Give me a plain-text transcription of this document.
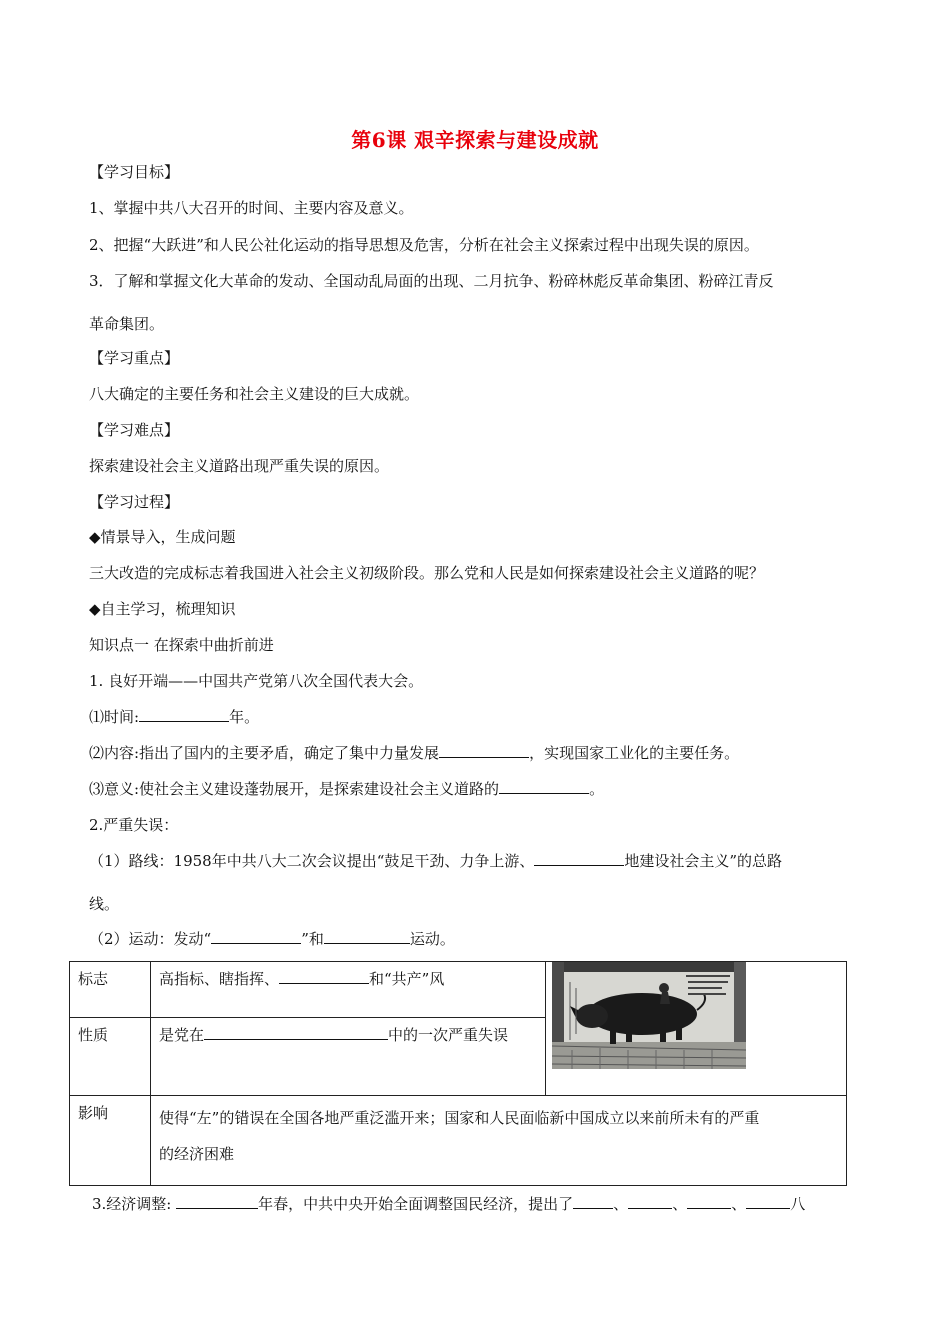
第6课 艰辛探索与建设成就
【学习目标】
1、掌握中共八大召开的时间、主要内容及意义。
2、把握“大跃进”和人民公社化运动的指导思想及危害，分析在社会主义探索过程中出现失误的原因。
3．了解和掌握文化大革命的发动、全国动乱局面的出现、二月抗争、粉碎林彪反革命集团、粉碎江青反
革命集团。
【学习重点】
八大确定的主要任务和社会主义建设的巨大成就。
【学习难点】
探索建设社会主义道路出现严重失误的原因。
【学习过程】
◆情景导入，生成问题
三大改造的完成标志着我国进入社会主义初级阶段。那么党和人民是如何探索建设社会主义道路的呢？
◆自主学习，梳理知识
知识点一 在探索中曲折前进
1. 良好开端——中国共产党第八次全国代表大会。
⑴时间:	年。
⑵内容:指出了国内的主要矛盾，确定了集中力量发展	，实现国家工业化的主要任务。
⑶意义:使社会主义建设蓬勃展开，是探索建设社会主义道路的	。
2.严重失误：
（1）路线：1958年中共八大二次会议提出“鼓足干劲、力争上游、	地建设社会主义”的总路
线。
（2）运动：发动“	”和	运动。
标志	高指标、瞎指挥、 和“共产”风	

性质	是党在 中的一次严重失误	
影响	使得“左”的错误在全国各地严重泛滥开来；国家和人民面临新中国成立以来前所未有的严重
的经济困难	
3.经济调整:	年春，中共中央开始全面调整国民经济，提出了	、	、	、	八
